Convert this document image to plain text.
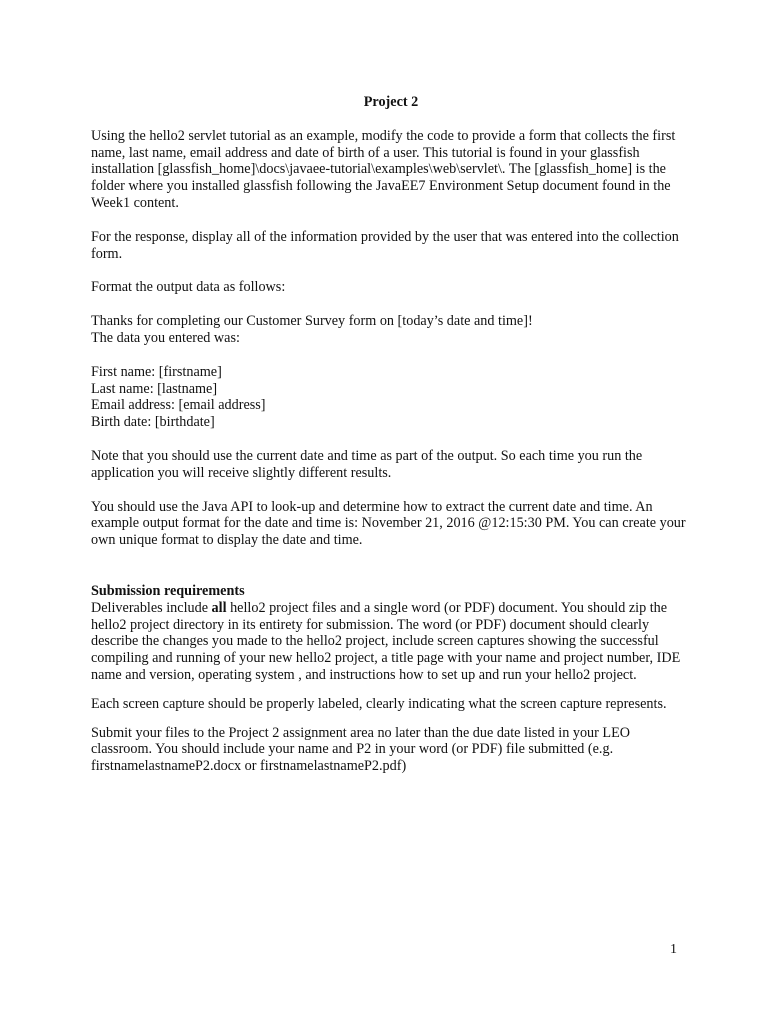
Project 2

Using the hello2 servlet tutorial as an example, modify the code to provide a form that collects the first name, last name, email address and date of birth of a user. This tutorial is found in your glassfish installation [glassfish_home]\docs\javaee-tutorial\examples\web\servlet\. The [glassfish_home] is the folder where you installed glassfish following the JavaEE7 Environment Setup document found in the Week1 content.

For the response, display all of the information provided by the user that was entered into the collection form.

Format the output data as follows:

Thanks for completing our Customer Survey form on [today’s date and time]!

The data you entered was:

First name: [firstname]

Last name: [lastname]

Email address: [email address]

Birth date: [birthdate]

Note that you should use the current date and time as part of the output. So each time you run the application you will receive slightly different results.

You should use the Java API to look-up and determine how to extract the current date and time. An example output format for the date and time is: November 21, 2016 @12:15:30 PM. You can create your own unique format to display the date and time.

Submission requirements

Deliverables include all hello2 project files and a single word (or PDF) document. You should zip the hello2 project directory in its entirety for submission. The word (or PDF) document should clearly describe the changes you made to the hello2 project, include screen captures showing the successful compiling and running of your new hello2 project, a title page with your name and project number, IDE name and version, operating system , and instructions how to set up and run your hello2 project.

Each screen capture should be properly labeled, clearly indicating what the screen capture represents.

Submit your files to the Project 2 assignment area no later than the due date listed in your LEO classroom. You should include your name and P2 in your word (or PDF) file submitted (e.g. firstnamelastnameP2.docx or firstnamelastnameP2.pdf)

1
